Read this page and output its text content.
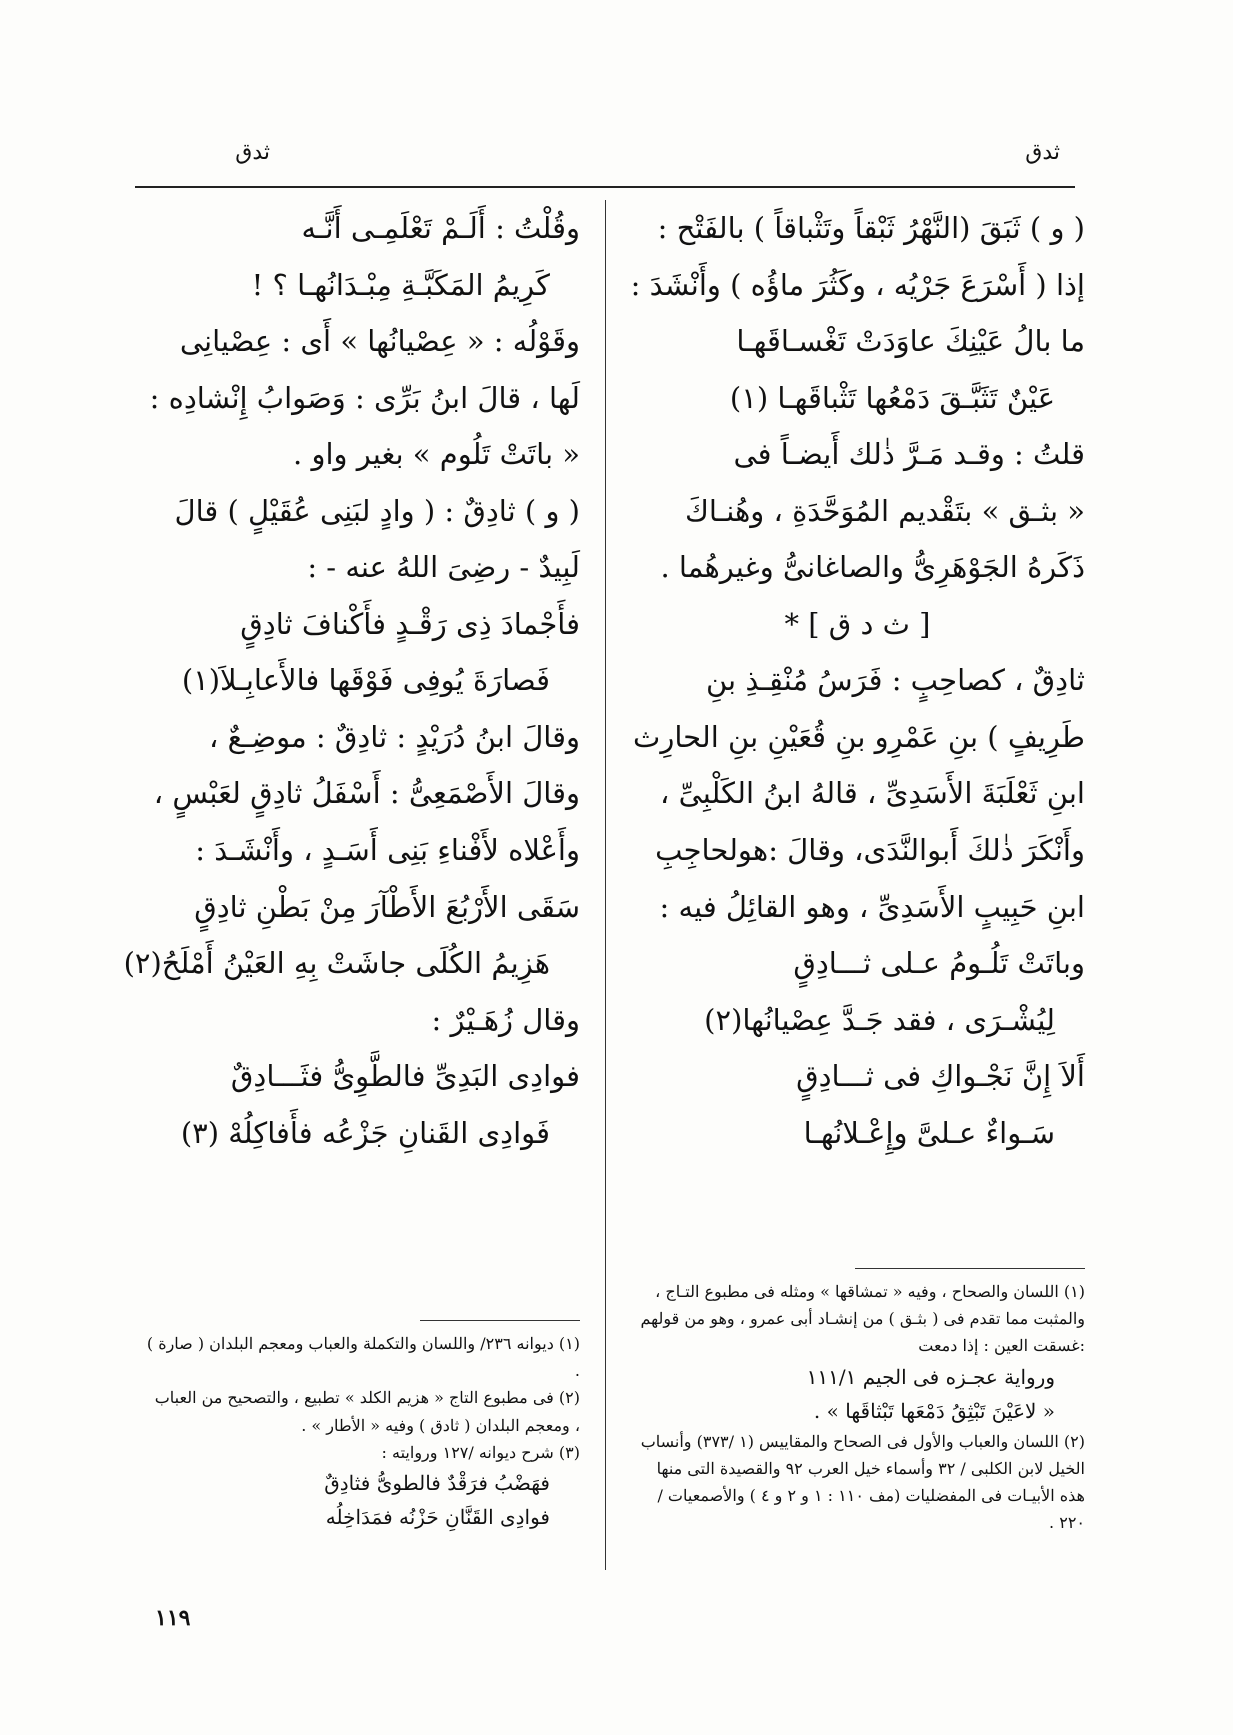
ثدق
ثدق
( و ) ثَبَقَ (النَّهْرُ ثَبْقاً وتَثْباقاً ) بالفَتْح :
إذا ( أَسْرَعَ جَرْيُه ، وكَثُرَ ماؤُه ) وأَنْشَدَ :
ما بالُ عَيْنِكَ عاوَدَتْ تَغْسـاقَهـا
عَيْنٌ تَثَبَّـقَ دَمْعُها تَثْباقَهـا (١)
قلتُ : وقـد مَـرَّ ذٰلك أَيضـاً فى
« بثـق » بتَقْديم المُوَحَّدَةِ ، وهُنـاكَ
ذَكَرهُ الجَوْهَرِىُّ والصاغانىُّ وغيرهُما .
[ ث د ق ] *
ثادِقٌ ، كصاحِبٍ : فَرَسُ مُنْقِـذِ بنِ
طَرِيفٍ ) بنِ عَمْرِو بنِ قُعَيْنِ بنِ الحارِث
ابنِ ثَعْلَبَةَ الأَسَدِىِّ ، قالهُ ابنُ الكَلْبِىِّ ،
وأَنْكَرَ ذٰلكَ أَبوالنَّدَى، وقالَ :هولحاجِبِ
ابنِ حَبِيبٍ الأَسَدِىِّ ، وهو القائِلُ فيه :
وباتَتْ تَلُـومُ عـلى ثـــادِقٍ
لِيُشْـرَى ، فقد جَـدَّ عِصْيانُها(٢)
أَلاَ إِنَّ نَجْـواكِ فى ثـــادِقٍ
سَـواءٌ عـلىَّ وإِعْـلانُهـا
وقُلْتُ : أَلَـمْ تَعْلَمِـى أَنَّـه
كَرِيمُ المَكَبَّـةِ مِبْـدَانُهـا ؟ !
وقَوْلُه : « عِصْيانُها » أَى : عِصْيانِى
لَها ، قالَ ابنُ بَرِّى : وَصَوابُ إِنْشادِه :
« باتَتْ تَلُوم » بغير واو .
( و ) ثادِقٌ : ( وادٍ لبَنِى عُقَيْلٍ ) قالَ
لَبِيدٌ - رضِىَ اللهُ عنه - :
فأَجْمادَ ذِى رَقْـدٍ فأَكْنافَ ثادِقٍ
فَصارَةَ يُوفِى فَوْقَها فالأَعابِـلاَ(١)
وقالَ ابنُ دُرَيْدٍ : ثادِقٌ : موضِـعٌ ،
وقالَ الأَصْمَعِىُّ : أَسْفَلُ ثادِقٍ لعَبْسٍ ،
وأَعْلاه لأَفْناءِ بَنِى أَسَـدٍ ، وأَنْشَـدَ :
سَقَى الأَرْبُعَ الأَطْآرَ مِنْ بَطْنِ ثادِقٍ
هَزِيمُ الكُلَى جاشَتْ بِهِ العَيْنُ أَمْلَحُ(٢)
وقال زُهَـيْرٌ :
فوادِى البَدِىِّ فالطَّوِىُّ فثَـــادِقٌ
فَوادِى القَنانِ جَزْعُه فأَفاكِلُهْ (٣)
(١) اللسان والصحاح ، وفيه « تمشاقها » ومثله فى مطبوع التـاج ، والمثبت مما تقدم فى ( بثـق ) من إنشـاد أبى عمرو ، وهو من قولهم :غسقت العين : إذا دمعت
ورواية عجـزه فى الجيم ١١١/١
« لاعَيْنَ تَبْثِقُ دَمْعَها تَبْثاقَها » .
(٢) اللسان والعباب والأول فى الصحاح والمقاييس (١ /٣٧٣) وأنساب الخيل لابن الكلبى / ٣٢ وأسماء خيل العرب ٩٢ والقصيدة التى منها هذه الأبيـات فى المفضليات (مف ١١٠ : ١ و ٢ و ٤ ) والأصمعيات / ٢٢٠ .
(١) ديوانه ٢٣٦/ واللسان والتكملة والعباب ومعجم البلدان ( صارة ) .
(٢) فى مطبوع التاج « هزيم الكلد » تطبيع ، والتصحيح من العباب ، ومعجم البلدان ( ثادق ) وفيه « الأطار » .
(٣) شرح ديوانه /١٢٧ وروايته :
فهَضْبُ فرَقْدٌ فالطوىُّ فثادِقٌ
فوادِى القَنَّانِ حَزْنُه فمَدَاخِلُه
١١٩
